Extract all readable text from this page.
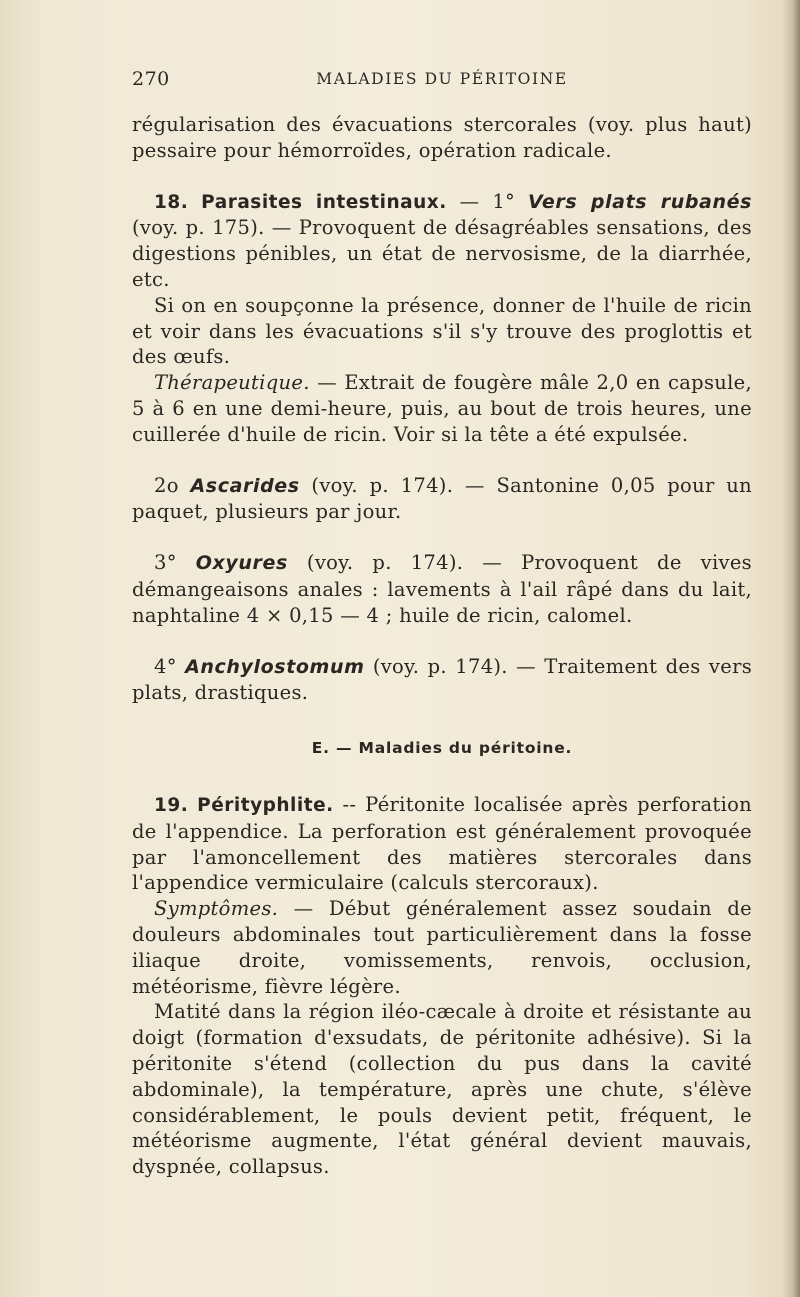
270	MALADIES DU PÉRITOINE

régularisation des évacuations stercorales (voy. plus haut) pessaire pour hémorroïdes, opération radicale.

18. Parasites intestinaux. — 1° Vers plats rubanés (voy. p. 175). — Provoquent de désagréables sensations, des digestions pénibles, un état de nervosisme, de la diarrhée, etc.

Si on en soupçonne la présence, donner de l'huile de ricin et voir dans les évacuations s'il s'y trouve des proglottis et des œufs.

Thérapeutique. — Extrait de fougère mâle 2,0 en capsule, 5 à 6 en une demi-heure, puis, au bout de trois heures, une cuillerée d'huile de ricin. Voir si la tête a été expulsée.

2o Ascarides (voy. p. 174). — Santonine 0,05 pour un paquet, plusieurs par jour.

3° Oxyures (voy. p. 174). — Provoquent de vives démangeaisons anales : lavements à l'ail râpé dans du lait, naphtaline 4 × 0,15 — 4 ; huile de ricin, calomel.

4° Anchylostomum (voy. p. 174). — Traitement des vers plats, drastiques.

E. — Maladies du péritoine.

19. Pérityphlite. -- Péritonite localisée après perforation de l'appendice. La perforation est généralement provoquée par l'amoncellement des matières stercorales dans l'appendice vermiculaire (calculs stercoraux).

Symptômes. — Début généralement assez soudain de douleurs abdominales tout particulièrement dans la fosse iliaque droite, vomissements, renvois, occlusion, météorisme, fièvre légère.

Matité dans la région iléo-cæcale à droite et résistante au doigt (formation d'exsudats, de péritonite adhésive). Si la péritonite s'étend (collection du pus dans la cavité abdominale), la température, après une chute, s'élève considérablement, le pouls devient petit, fréquent, le météorisme augmente, l'état général devient mauvais, dyspnée, collapsus.
